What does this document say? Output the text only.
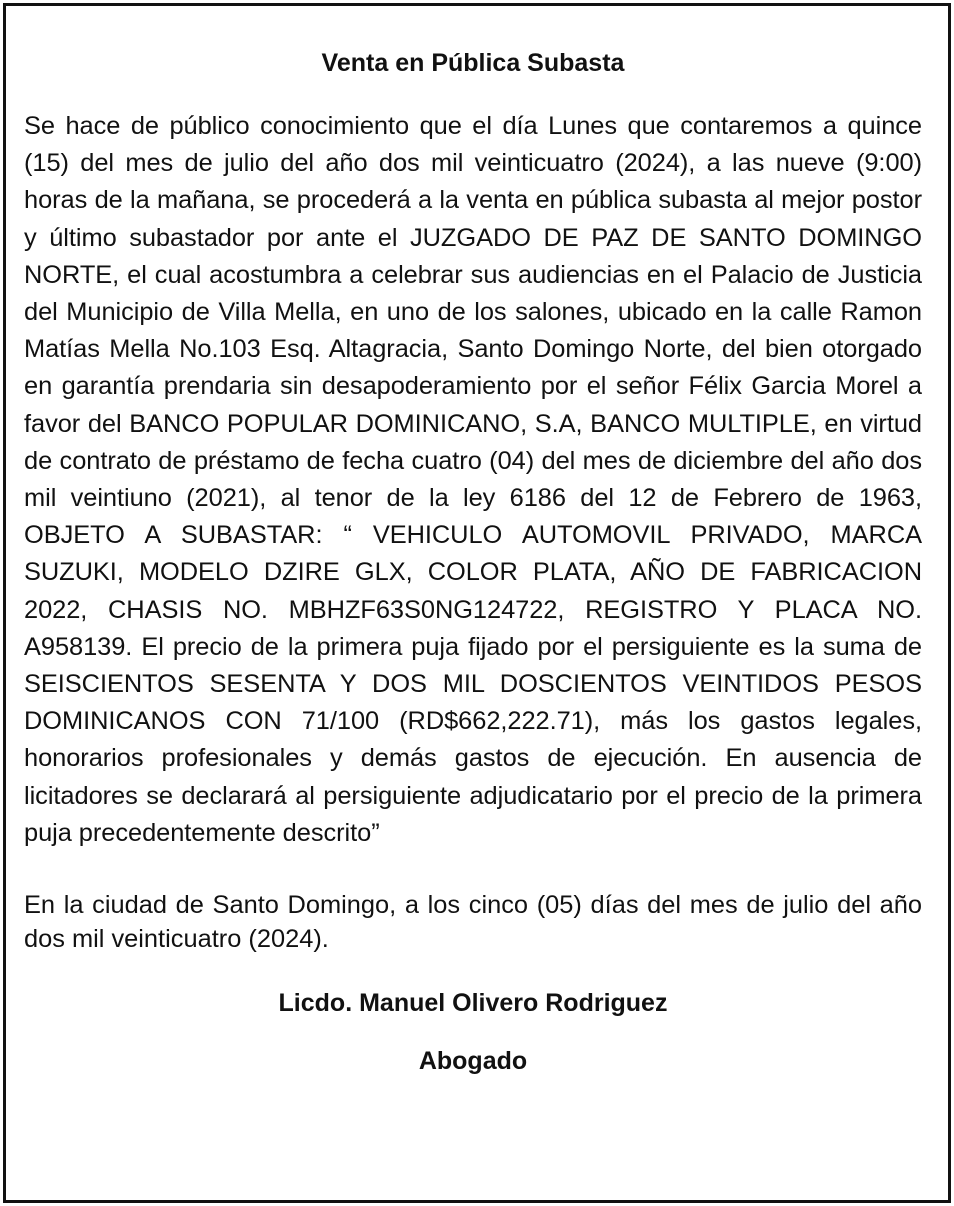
Venta en Pública Subasta

Se hace de público conocimiento que el día Lunes que contaremos a quince (15) del mes de julio del año dos mil veinticuatro (2024), a las nueve (9:00) horas de la mañana, se procederá a la venta en pública subasta al mejor postor y último subastador por ante el JUZGADO DE PAZ DE SANTO DOMINGO NORTE, el cual acostumbra a celebrar sus audiencias en el Palacio de Justicia del Municipio de Villa Mella, en uno de los salones, ubicado en la calle Ramon Matías Mella No.103 Esq. Altagracia, Santo Domingo Norte, del bien otorgado en garantía prendaria sin desapoderamiento por el señor Félix Garcia Morel a favor del BANCO POPULAR DOMINICANO, S.A, BANCO MULTIPLE, en virtud de contrato de préstamo de fecha cuatro (04) del mes de diciembre del año dos mil veintiuno (2021), al tenor de la ley 6186 del 12 de Febrero de 1963, OBJETO A SUBASTAR: “ VEHICULO AUTOMOVIL PRIVADO, MARCA SUZUKI, MODELO DZIRE GLX, COLOR PLATA, AÑO DE FABRICACION 2022, CHASIS NO. MBHZF63S0NG124722, REGISTRO Y PLACA NO. A958139. El precio de la primera puja fijado por el persiguiente es la suma de SEISCIENTOS SESENTA Y DOS MIL DOSCIENTOS VEINTIDOS PESOS DOMINICANOS CON 71/100 (RD$662,222.71), más los gastos legales, honorarios profesionales y demás gastos de ejecución. En ausencia de licitadores se declarará al persiguiente adjudicatario por el precio de la primera puja precedentemente descrito”

En la ciudad de Santo Domingo, a los cinco (05) días del mes de julio del año dos mil veinticuatro (2024).

Licdo. Manuel Olivero Rodriguez
Abogado
